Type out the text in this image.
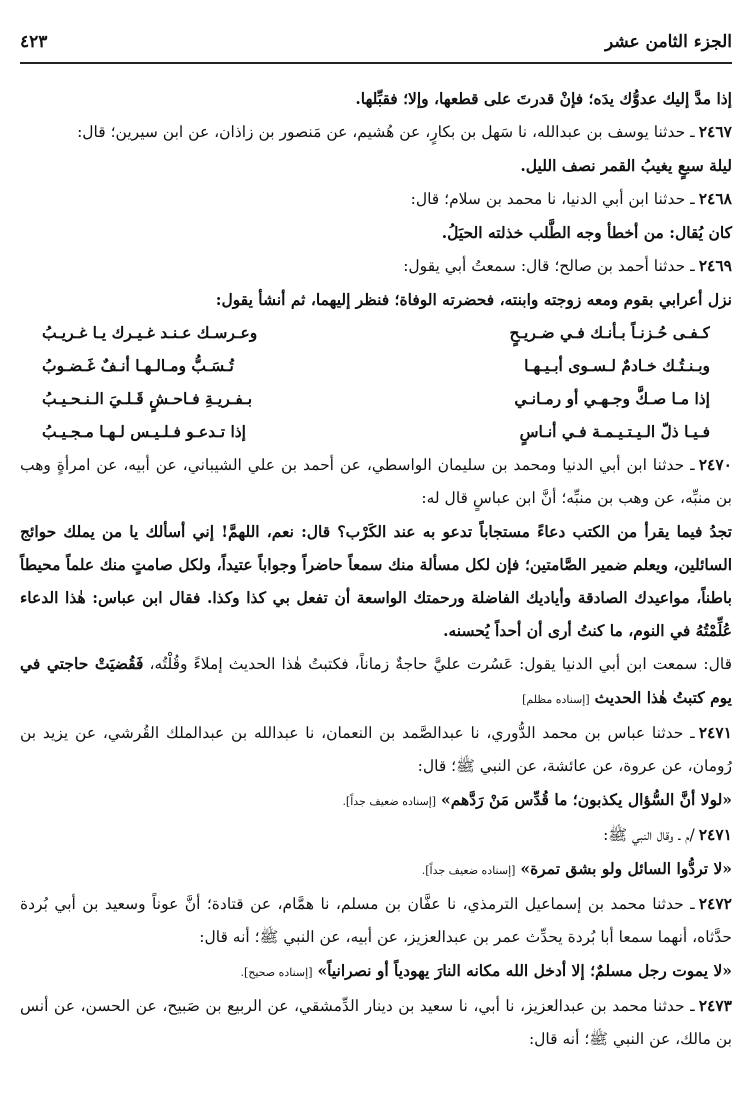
الجزء الثامن عشر
٤٢٣

إذا مدَّ إليك عدوُّك يدَه؛ فإنْ قدرتَ على قطعها، وإلا؛ فقبِّلها.

٢٤٦٧ـ حدثنا يوسف بن عبدالله، نا سَهل بن بكارٍ، عن هُشيم، عن مَنصور بن زاذان، عن ابن سيرين؛ قال:

ليلة سبعٍ يغيبُ القمر نصف الليل.

٢٤٦٨ـ حدثنا ابن أبي الدنيا، نا محمد بن سلام؛ قال:

كان يُقال: من أخطأ وجه الطَّلب خذلته الحيَلُ.

٢٤٦٩ـ حدثنا أحمد بن صالح؛ قال: سمعتُ أبي يقول:

نزل أعرابي بقوم ومعه زوجته وابنته، فحضرته الوفاة؛ فنظر إليهما، ثم أنشأ يقول:

كـفـى حُـزنـاً بـأنـك فـي ضـريـحٍ
وعـرسـك عـنـد غـيـرك يـا غـريـبُ
وبـنـتُـك خـادمٌ لـسـوى أبـيـهـا
تُـسَـبُّ ومـالـهـا أنـفٌ غَـضـوبُ
إذا مـا صـكَّ وجـهـي أو رمـانـي
بـفـريـةِ فـاحـشٍ قَـلـيَ الـنـحـيـبُ
فـيـا ذلّ الـيـتـيـمـة فـي أنـاسٍ
إذا تـدعـو فـلـيـس لـهـا مـجـيـبُ

٢٤٧٠ـ حدثنا ابن أبي الدنيا ومحمد بن سليمان الواسطي، عن أحمد بن علي الشيباني، عن أبيه، عن امرأةٍ وهب بن منبِّه، عن وهب بن منبِّه؛ أنَّ ابن عباسٍ قال له:

تجدُ فيما يقرأ من الكتب دعاءً مستجاباً تدعو به عند الكَرْب؟ قال: نعم، اللهمَّ! إني أسألك يا من يملك حوائج السائلين، ويعلم ضمير الصَّامتين؛ فإن لكل مسألة منك سمعاً حاضراً وجواباً عتيداً، ولكل صامتٍ منك علماً محيطاً باطناً، مواعيدك الصادقة وأياديك الفاضلة ورحمتك الواسعة أن تفعل بي كذا وكذا. فقال ابن عباس: هٰذا الدعاء عُلِّمْتُهُ في النوم، ما كنتُ أرى أن أحداً يُحسنه.

قال: سمعت ابن أبي الدنيا يقول: عَسُرت عليَّ حاجةٌ زماناً، فكتبتُ هٰذا الحديث إملاءً وقُلْتُه، فَقُضيَتْ حاجتي في يوم كتبتُ هٰذا الحديث [إسناده مظلم]

٢٤٧١ـ حدثنا عباس بن محمد الدُّوري، نا عبدالصَّمد بن النعمان، نا عبدالله بن عبدالملك القُرشي، عن يزيد بن رُومان، عن عروة، عن عائشة، عن النبي ﷺ؛ قال:

«لولا أنَّ السُّؤال يكذبون؛ ما قُدِّس مَنْ رَدَّهم» [إسناده ضعيف جداً].

٢٤٧١/م ـ وقال النبي ﷺ:

«لا تردُّوا السائل ولو بشق تمرة» [إسناده ضعيف جداً].

٢٤٧٢ـ حدثنا محمد بن إسماعيل الترمذي، نا عفَّان بن مسلم، نا همَّام، عن قتادة؛ أنَّ عوناً وسعيد بن أبي بُردة حدَّثاه، أنهما سمعا أبا بُردة يحدِّث عمر بن عبدالعزيز، عن أبيه، عن النبي ﷺ؛ أنه قال:

«لا يموت رجل مسلمٌ؛ إلا أدخل الله مكانه النارَ يهودياً أو نصرانياً» [إسناده صحيح].

٢٤٧٣ـ حدثنا محمد بن عبدالعزيز، نا أبي، نا سعيد بن دينار الدِّمشقي، عن الربيع بن صَبيح، عن الحسن، عن أنس بن مالك، عن النبي ﷺ؛ أنه قال:
